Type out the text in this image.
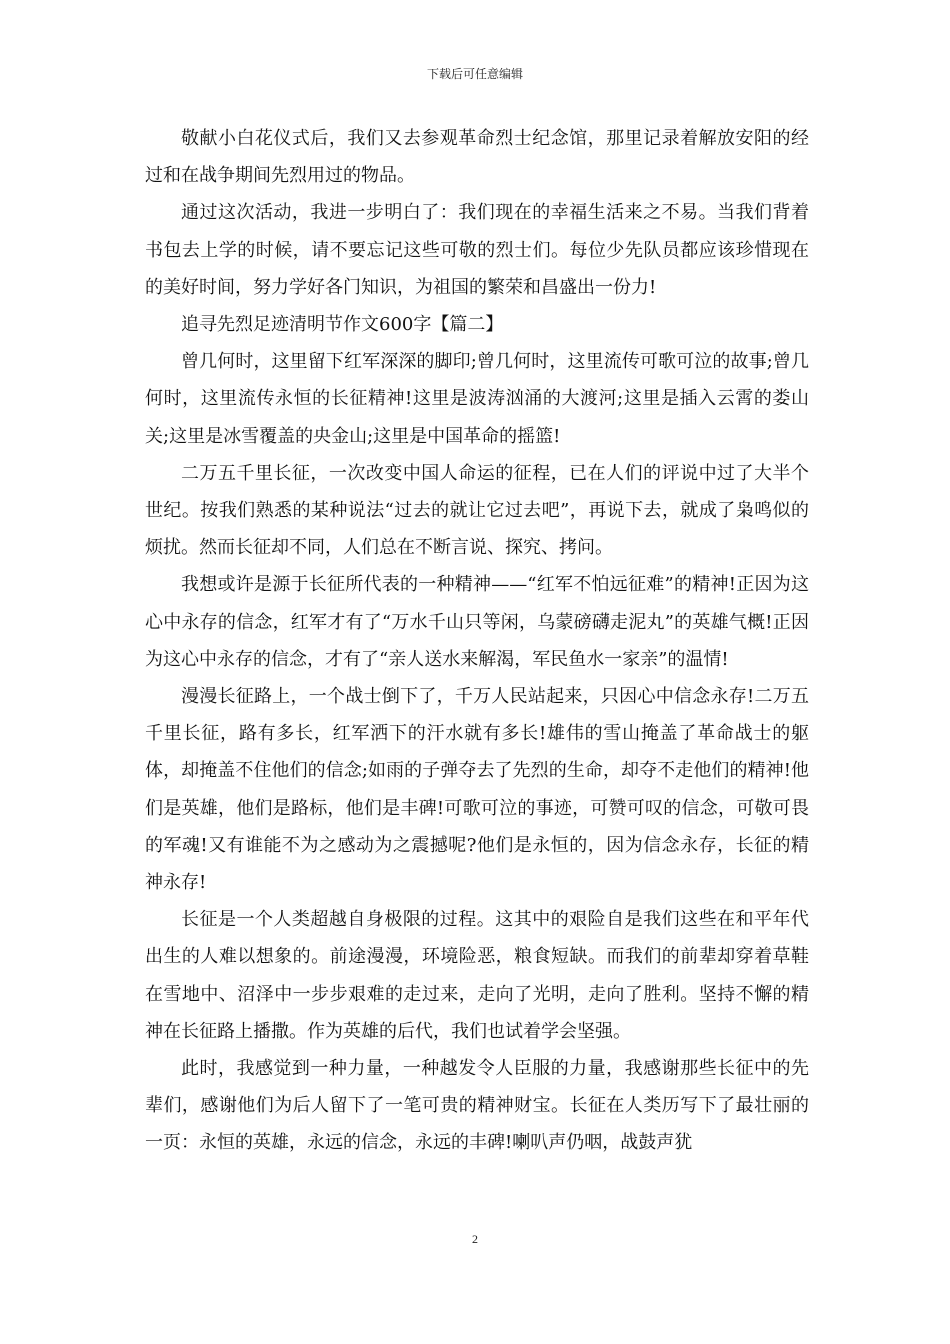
下载后可任意编辑

敬献小白花仪式后，我们又去参观革命烈士纪念馆，那里记录着解放安阳的经过和在战争期间先烈用过的物品。

通过这次活动，我进一步明白了：我们现在的幸福生活来之不易。当我们背着书包去上学的时候，请不要忘记这些可敬的烈士们。每位少先队员都应该珍惜现在的美好时间，努力学好各门知识，为祖国的繁荣和昌盛出一份力!

追寻先烈足迹清明节作文600字【篇二】

曾几何时，这里留下红军深深的脚印;曾几何时，这里流传可歌可泣的故事;曾几何时，这里流传永恒的长征精神!这里是波涛汹涌的大渡河;这里是插入云霄的娄山关;这里是冰雪覆盖的央金山;这里是中国革命的摇篮!

二万五千里长征，一次改变中国人命运的征程，已在人们的评说中过了大半个世纪。按我们熟悉的某种说法“过去的就让它过去吧”，再说下去，就成了枭鸣似的烦扰。然而长征却不同，人们总在不断言说、探究、拷问。

我想或许是源于长征所代表的一种精神——“红军不怕远征难”的精神!正因为这心中永存的信念，红军才有了“万水千山只等闲，乌蒙磅礴走泥丸”的英雄气概!正因为这心中永存的信念，才有了“亲人送水来解渴，军民鱼水一家亲”的温情!

漫漫长征路上，一个战士倒下了，千万人民站起来，只因心中信念永存!二万五千里长征，路有多长，红军洒下的汗水就有多长!雄伟的雪山掩盖了革命战士的躯体，却掩盖不住他们的信念;如雨的子弹夺去了先烈的生命，却夺不走他们的精神!他们是英雄，他们是路标，他们是丰碑!可歌可泣的事迹，可赞可叹的信念，可敬可畏的军魂!又有谁能不为之感动为之震撼呢?他们是永恒的，因为信念永存，长征的精神永存!

长征是一个人类超越自身极限的过程。这其中的艰险自是我们这些在和平年代出生的人难以想象的。前途漫漫，环境险恶，粮食短缺。而我们的前辈却穿着草鞋在雪地中、沼泽中一步步艰难的走过来，走向了光明，走向了胜利。坚持不懈的精神在长征路上播撒。作为英雄的后代，我们也试着学会坚强。

此时，我感觉到一种力量，一种越发令人臣服的力量，我感谢那些长征中的先辈们，感谢他们为后人留下了一笔可贵的精神财宝。长征在人类历写下了最壮丽的一页：永恒的英雄，永远的信念，永远的丰碑!喇叭声仍咽，战鼓声犹

2
